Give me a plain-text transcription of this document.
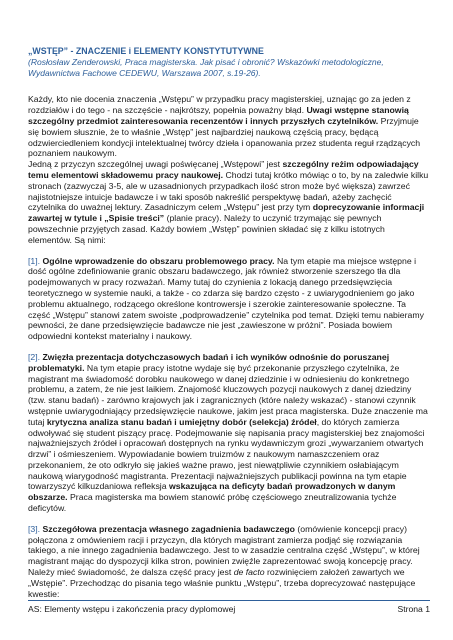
„WSTĘP” - ZNACZENIE i ELEMENTY KONSTYTUTYWNE
(Rosłosław Zenderowski, Praca magisterska. Jak pisać i obronić? Wskazówki metodologiczne,
Wydawnictwa Fachowe CEDEWU, Warszawa 2007, s.19-26).

Każdy, kto nie docenia znaczenia „Wstępu” w przypadku pracy magisterskiej, uznając go za jeden z rozdziałów i do tego - na szczęście - najkrótszy, popełnia poważny błąd. Uwagi wstępne stanowią szczególny przedmiot zainteresowania recenzentów i innych przyszłych czytelników. Przyjmuje się bowiem słusznie, że to właśnie „Wstęp” jest najbardziej naukową częścią pracy, będącą odzwierciedleniem kondycji intelektualnej twórcy dzieła i opanowania przez studenta reguł rządzących poznaniem naukowym.
Jedną z przyczyn szczególnej uwagi poświęcanej „Wstępowi” jest szczególny reżim odpowiadający temu elementowi składowemu pracy naukowej. Chodzi tutaj krótko mówiąc o to, by na zaledwie kilku stronach (zazwyczaj 3-5, ale w uzasadnionych przypadkach ilość stron może być większa) zawrzeć najistotniejsze intuicje badawcze i w taki sposób nakreślić perspektywę badań, ażeby zachęcić czytelnika do uważnej lektury. Zasadniczym celem „Wstępu” jest przy tym doprecyzowanie informacji zawartej w tytule i „Spisie treści” (planie pracy). Należy to uczynić trzymając się pewnych powszechnie przyjętych zasad. Każdy bowiem „Wstęp” powinien składać się z kilku istotnych elementów. Są nimi:

[1]. Ogólne wprowadzenie do obszaru problemowego pracy. Na tym etapie ma miejsce wstępne i dość ogólne zdefiniowanie granic obszaru badawczego, jak również stworzenie szerszego tła dla podejmowanych w pracy rozważań. Mamy tutaj do czynienia z lokacją danego przedsięwzięcia teoretycznego w systemie nauki, a także - co zdarza się bardzo często - z uwiarygodnieniem go jako problemu aktualnego, rodzącego określone kontrowersje i szerokie zainteresowanie społeczne. Ta część „Wstępu” stanowi zatem swoiste „podprowadzenie” czytelnika pod temat. Dzięki temu nabieramy pewności, że dane przedsięwzięcie badawcze nie jest „zawieszone w próżni”. Posiada bowiem odpowiedni kontekst materialny i naukowy.

[2]. Zwięzła prezentacja dotychczasowych badań i ich wyników odnośnie do poruszanej problematyki. Na tym etapie pracy istotne wydaje się być przekonanie przyszłego czytelnika, że magistrant ma świadomość dorobku naukowego w danej dziedzinie i w odniesieniu do konkretnego problemu, a zatem, że nie jest laikiem. Znajomość kluczowych pozycji naukowych z danej dziedziny (tzw. stanu badań) - zarówno krajowych jak i zagranicznych (które należy wskazać) - stanowi czynnik wstępnie uwiarygodniający przedsięwzięcie naukowe, jakim jest praca magisterska. Duże znaczenie ma tutaj krytyczna analiza stanu badań i umiejętny dobór (selekcja) źródeł, do których zamierza odwoływać się student piszący pracę. Podejmowanie się napisania pracy magisterskiej bez znajomości najważniejszych źródeł i opracowań dostępnych na rynku wydawniczym grozi „wywarzaniem otwartych drzwi” i ośmieszeniem. Wypowiadanie bowiem truizmów z naukowym namaszczeniem oraz przekonaniem, że oto odkryło się jakieś ważne prawo, jest niewątpliwie czynnikiem osłabiającym naukową wiarygodność magistranta. Prezentacji najważniejszych publikacji powinna na tym etapie towarzyszyć kilkuzdaniowa refleksja wskazująca na deficyty badań prowadzonych w danym obszarze. Praca magisterska ma bowiem stanowić próbę częściowego zneutralizowania tychże deficytów.

[3]. Szczegółowa prezentacja własnego zagadnienia badawczego (omówienie koncepcji pracy) połączona z omówieniem racji i przyczyn, dla których magistrant zamierza podjąć się rozwiązania takiego, a nie innego zagadnienia badawczego. Jest to w zasadzie centralna część „Wstępu”, w której magistrant mając do dyspozycji kilka stron, powinien zwięźle zaprezentować swoją koncepcję pracy. Należy mieć świadomość, że dalsza część pracy jest de facto rozwinięciem założeń zawartych we „Wstępie”. Przechodząc do pisania tego właśnie punktu „Wstępu”, trzeba doprecyzować następujące kwestie:

AS: Elementy wstępu i zakończenia pracy dyplomowej	Strona 1
